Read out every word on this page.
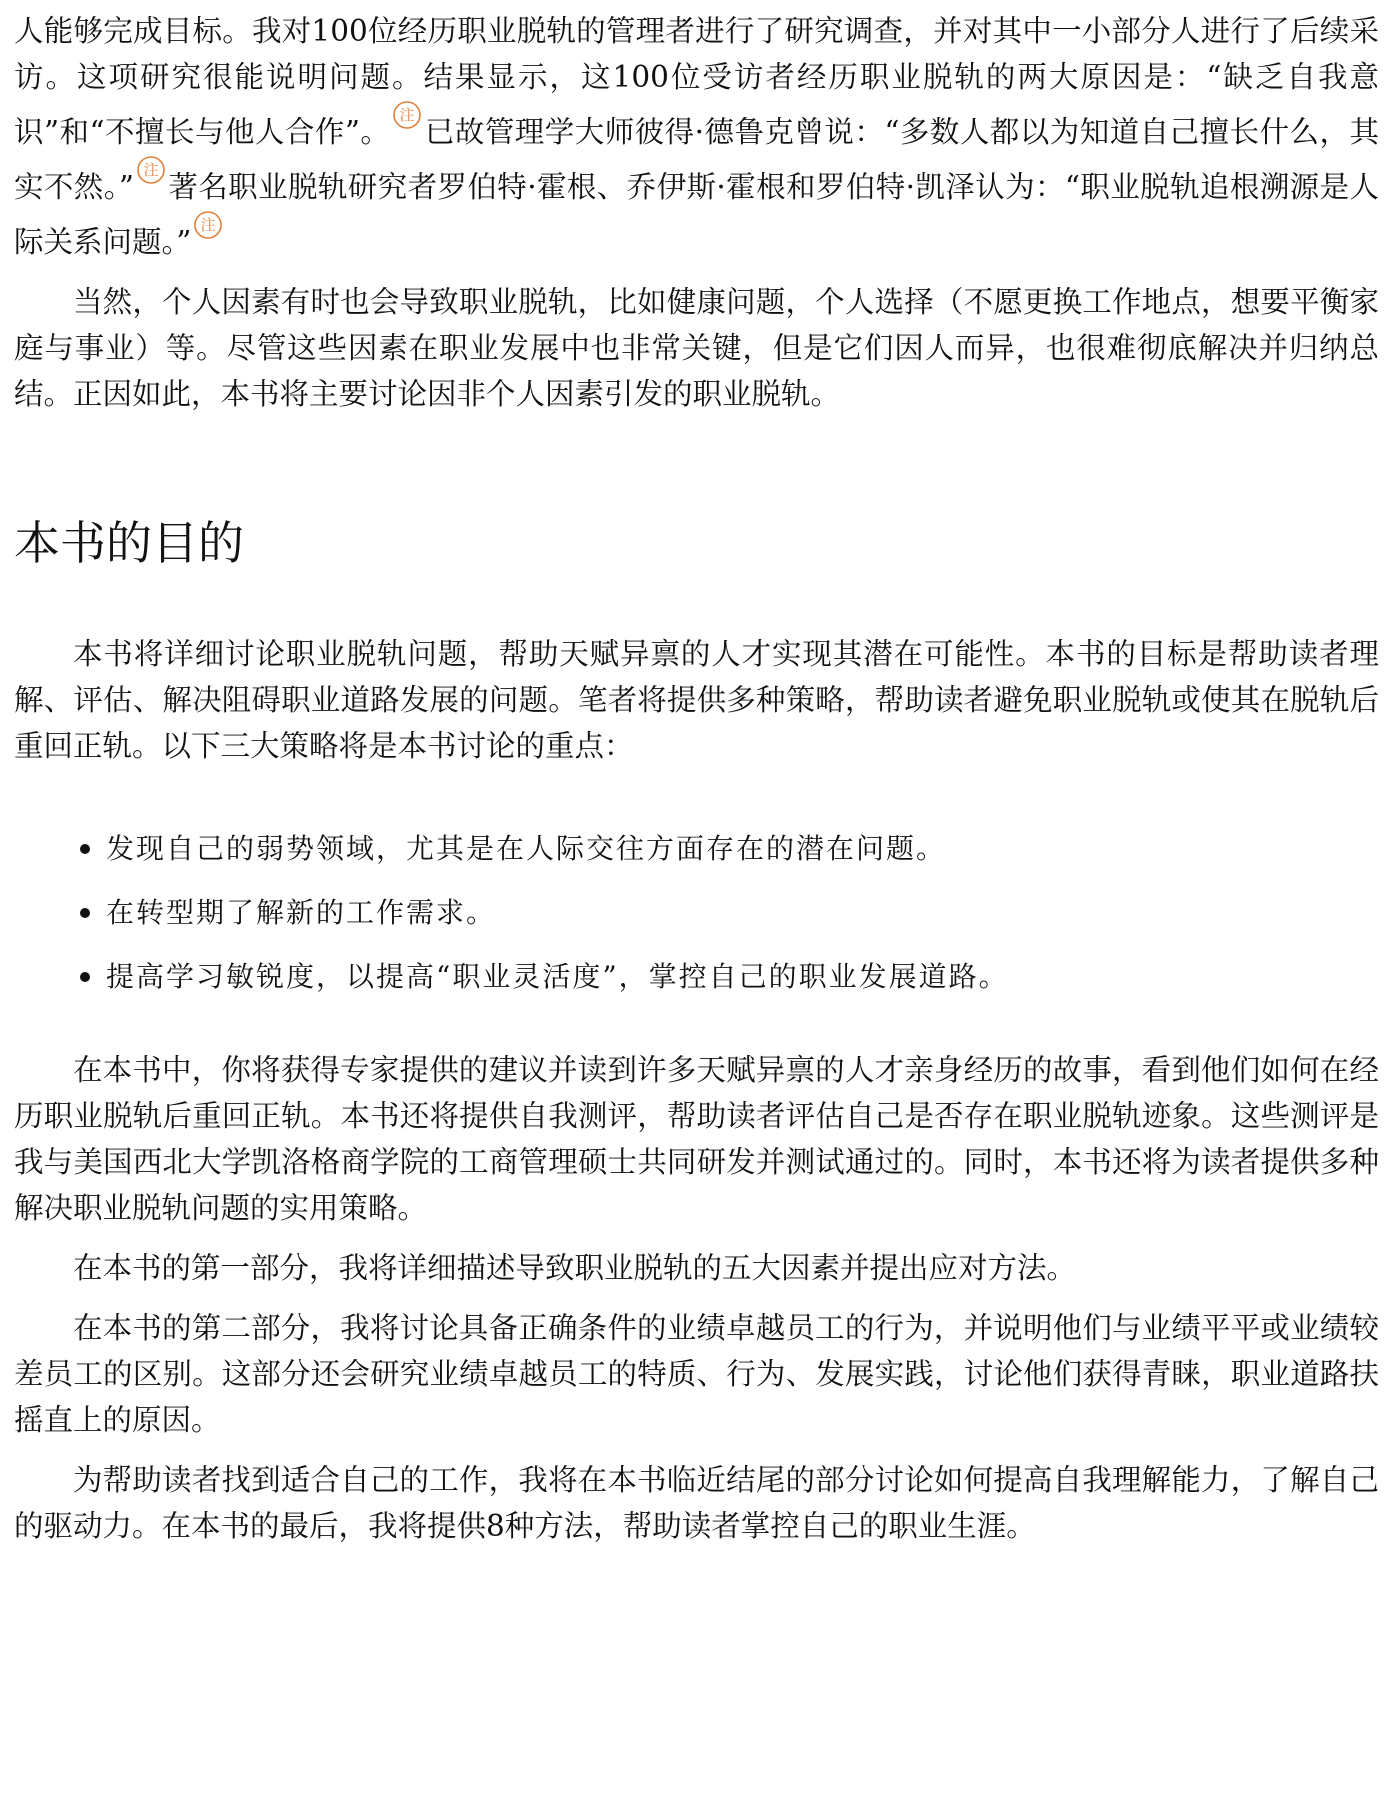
人能够完成目标。我对100位经历职业脱轨的管理者进行了研究调查，并对其中一小部分人进行了后续采访。这项研究很能说明问题。结果显示，这100位受访者经历职业脱轨的两大原因是：“缺乏自我意识”和“不擅长与他人合作”。 注 已故管理学大师彼得·德鲁克曾说：“多数人都以为知道自己擅长什么，其实不然。” 注 著名职业脱轨研究者罗伯特·霍根、乔伊斯·霍根和罗伯特·凯泽认为：“职业脱轨追根溯源是人际关系问题。” 注

当然，个人因素有时也会导致职业脱轨，比如健康问题，个人选择（不愿更换工作地点，想要平衡家庭与事业）等。尽管这些因素在职业发展中也非常关键，但是它们因人而异，也很难彻底解决并归纳总结。正因如此，本书将主要讨论因非个人因素引发的职业脱轨。

本书的目的

本书将详细讨论职业脱轨问题，帮助天赋异禀的人才实现其潜在可能性。本书的目标是帮助读者理解、评估、解决阻碍职业道路发展的问题。笔者将提供多种策略，帮助读者避免职业脱轨或使其在脱轨后重回正轨。以下三大策略将是本书讨论的重点：

发现自己的弱势领域，尤其是在人际交往方面存在的潜在问题。
在转型期了解新的工作需求。
提高学习敏锐度，以提高“职业灵活度”，掌控自己的职业发展道路。

在本书中，你将获得专家提供的建议并读到许多天赋异禀的人才亲身经历的故事，看到他们如何在经历职业脱轨后重回正轨。本书还将提供自我测评，帮助读者评估自己是否存在职业脱轨迹象。这些测评是我与美国西北大学凯洛格商学院的工商管理硕士共同研发并测试通过的。同时，本书还将为读者提供多种解决职业脱轨问题的实用策略。

在本书的第一部分，我将详细描述导致职业脱轨的五大因素并提出应对方法。

在本书的第二部分，我将讨论具备正确条件的业绩卓越员工的行为，并说明他们与业绩平平或业绩较差员工的区别。这部分还会研究业绩卓越员工的特质、行为、发展实践，讨论他们获得青睐，职业道路扶摇直上的原因。

为帮助读者找到适合自己的工作，我将在本书临近结尾的部分讨论如何提高自我理解能力，了解自己的驱动力。在本书的最后，我将提供8种方法，帮助读者掌控自己的职业生涯。
